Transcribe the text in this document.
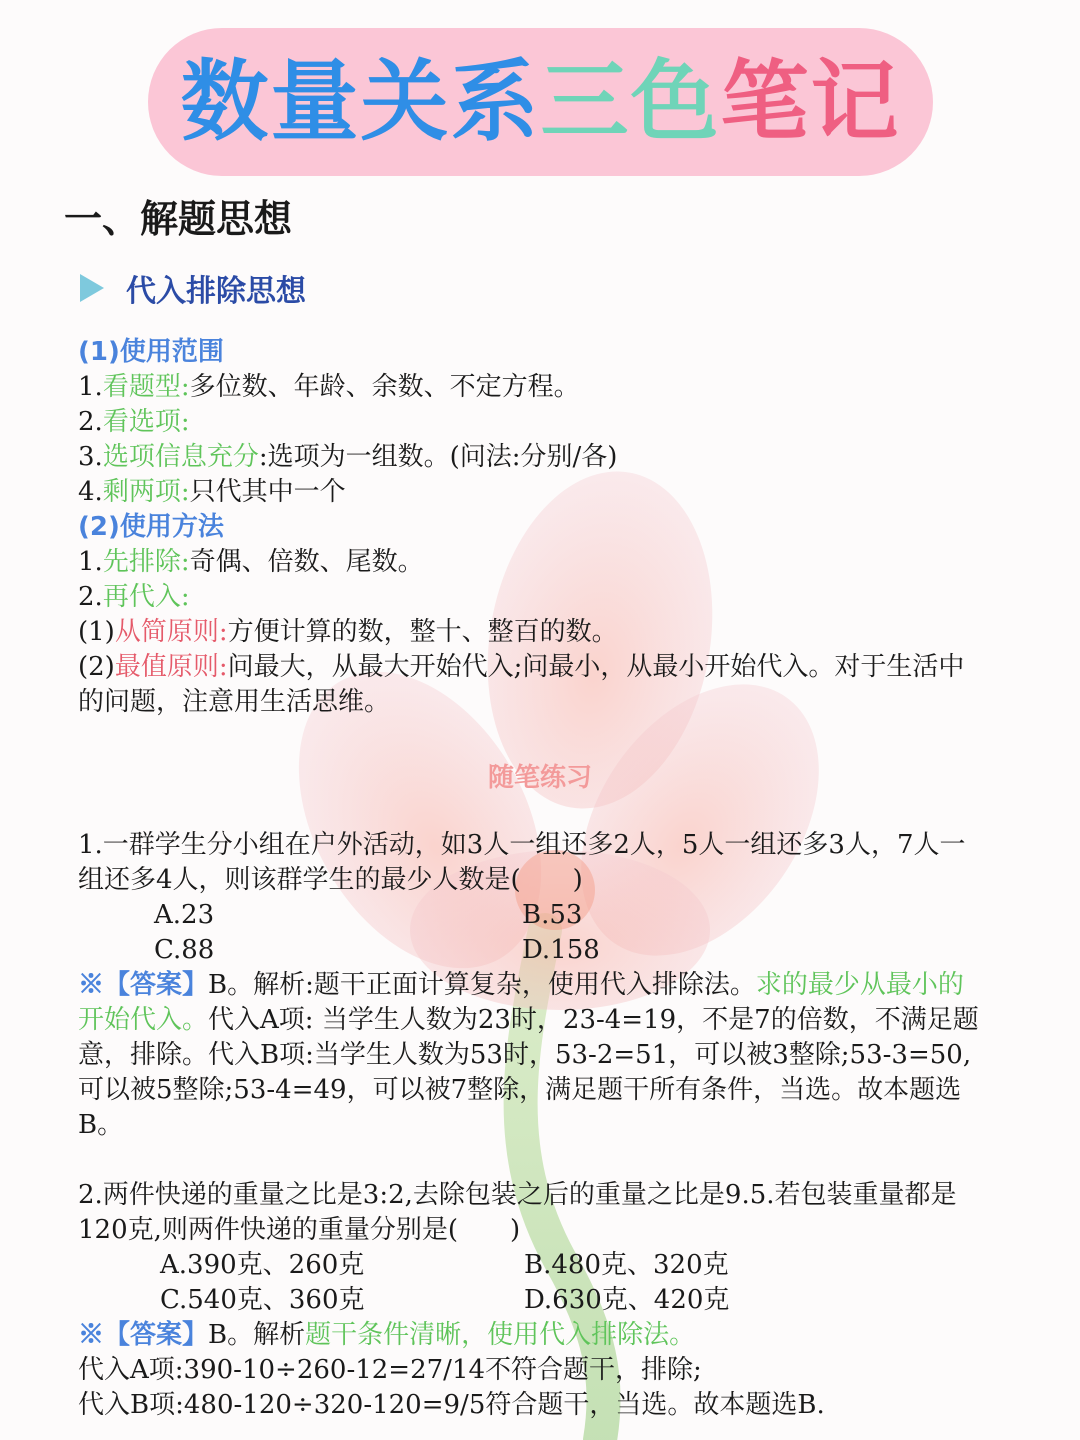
数量关系 三色 笔记
一、解题思想
代入排除思想
(1)使用范围
1.看题型:多位数、年龄、余数、不定方程。
2.看选项:
3.选项信息充分:选项为一组数。(问法:分别/各)
4.剩两项:只代其中一个
(2)使用方法
1.先排除:奇偶、倍数、尾数。
2.再代入:
(1)从简原则:方便计算的数，整十、整百的数。
(2)最值原则:问最大，从最大开始代入;问最小，从最小开始代入。对于生活中
的问题，注意用生活思维。
随笔练习
1.一群学生分小组在户外活动，如3人一组还多2人，5人一组还多3人，7人一
组还多4人，则该群学生的最少人数是(　　)
A.23	B.53
C.88	D.158
※【答案】B。解析:题干正面计算复杂，使用代入排除法。求的最少从最小的
开始代入。代入A项: 当学生人数为23时，23-4=19，不是7的倍数，不满足题
意，排除。代入B项:当学生人数为53时，53-2=51，可以被3整除;53-3=50,
可以被5整除;53-4=49，可以被7整除，满足题干所有条件，当选。故本题选
B。
2.两件快递的重量之比是3:2,去除包装之后的重量之比是9.5.若包装重量都是
120克,则两件快递的重量分别是(　　)
A.390克、260克	B.480克、320克
C.540克、360克	D.630克、420克
※【答案】B。解析题干条件清晰，使用代入排除法。
代入A项:390-10÷260-12=27/14不符合题干，排除;
代入B项:480-120÷320-120=9/5符合题干，当选。故本题选B.
